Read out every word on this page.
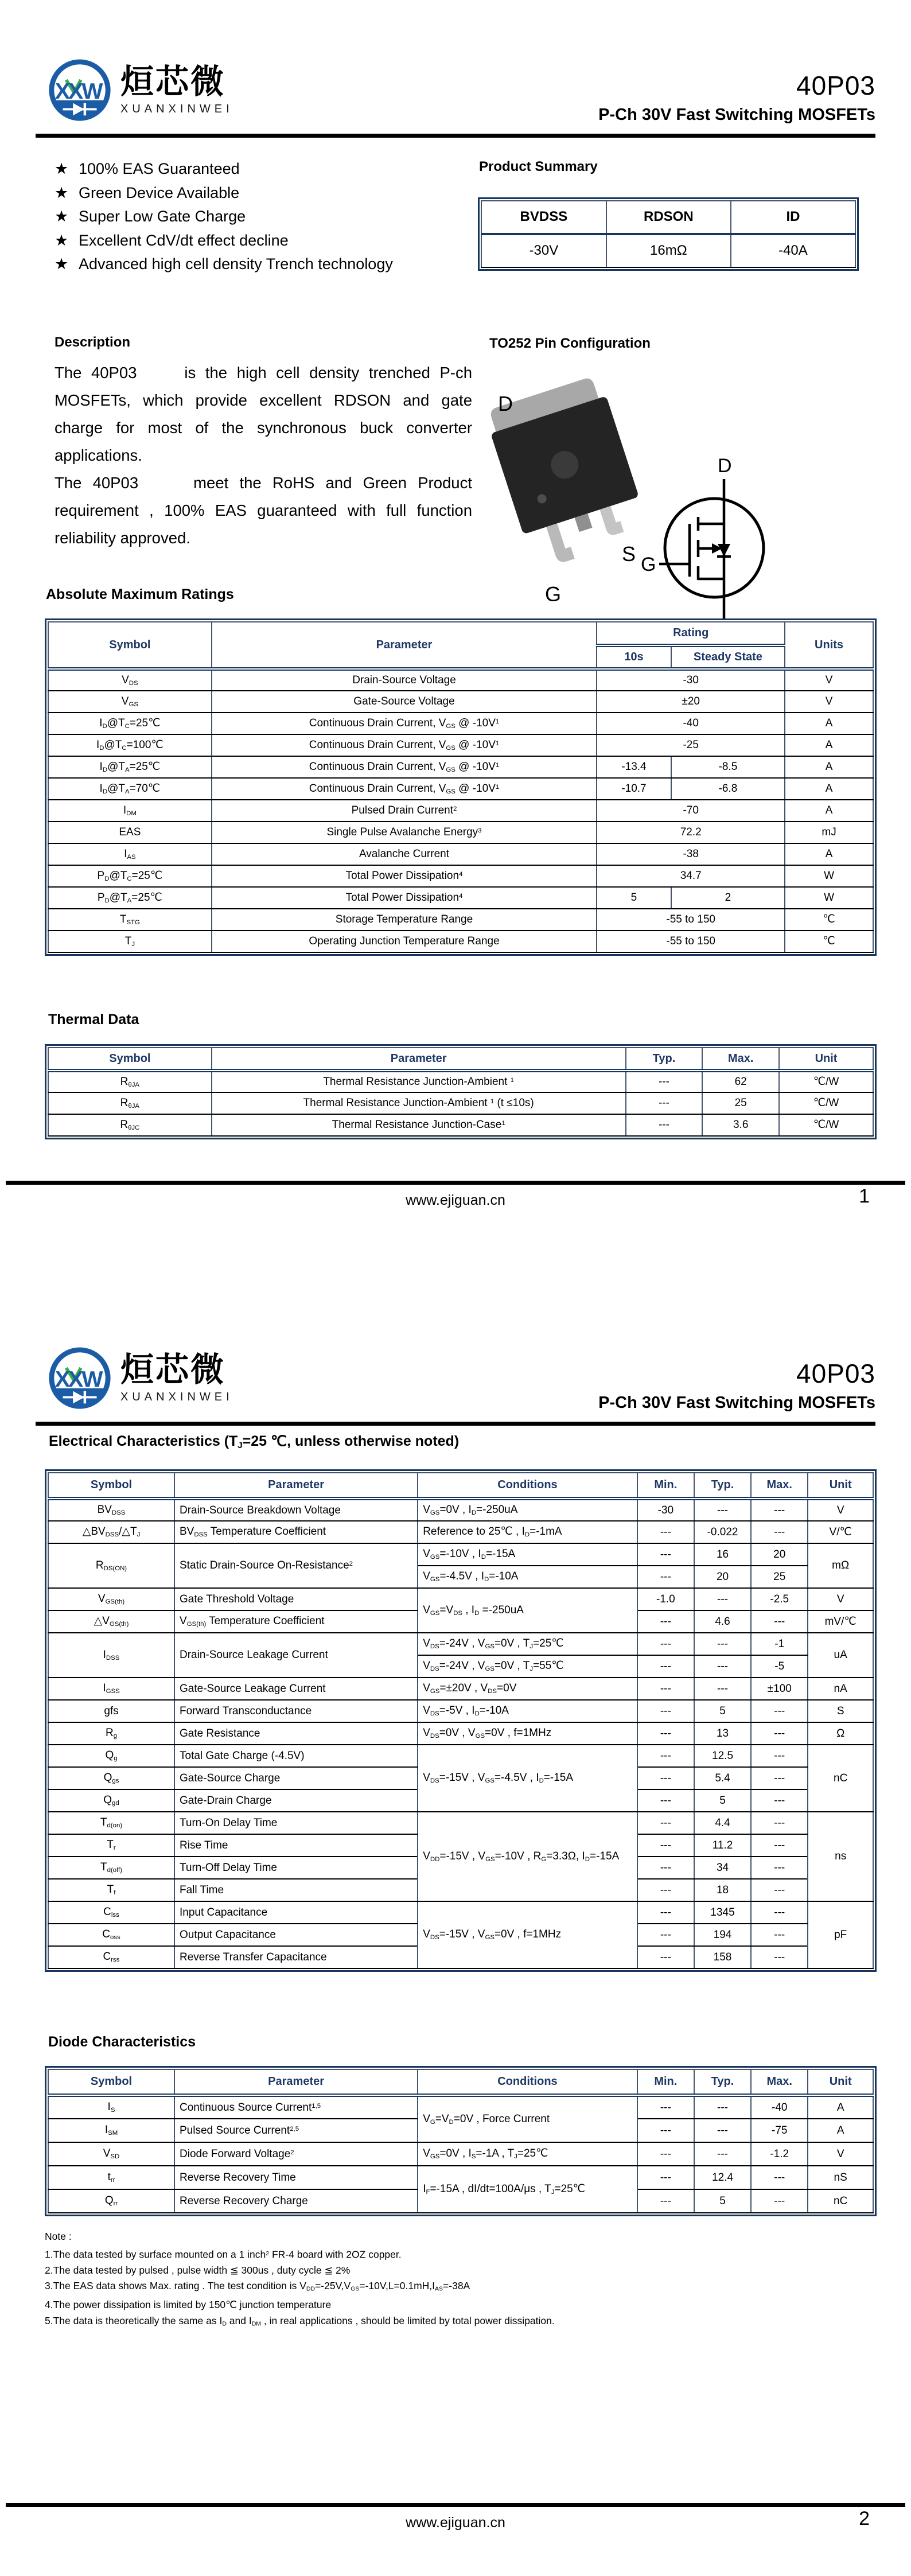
XXW 烜芯微
XUANXINWEI
40P03
P-Ch 30V Fast Switching MOSFETs
★ 100% EAS Guaranteed
★ Green Device Available
★ Super Low Gate Charge
★ Excellent CdV/dt effect decline
★ Advanced high cell density Trench technology
Product Summary
BVDSS	RDSON	ID
-30V	16mΩ	-40A
Description
The 40P03     is the high cell density trenched P-ch MOSFETs, which provide excellent RDSON and gate charge for most of the synchronous buck converter applications.
The 40P03     meet the RoHS and Green Product requirement , 100% EAS guaranteed with full function reliability approved.
TO252 Pin Configuration
D
G
S
D
G
Absolute Maximum Ratings
Symbol	Parameter	Rating		Units
		10s	Steady State	
$V_{DS}$	Drain-Source Voltage	-30		V
$V_{GS}$	Gate-Source Voltage	±20		V
$I_D@T_C=25℃$	Continuous Drain Current, $V_{GS}$ @ $-10V^1$	-40		A
$I_D@T_C=100℃$	Continuous Drain Current, $V_{GS}$ @ $-10V^1$	-25		A
$I_D@T_A=25℃$	Continuous Drain Current, $V_{GS}$ @ $-10V^1$	-13.4	-8.5	A
$I_D@T_A=70℃$	Continuous Drain Current, $V_{GS}$ @ $-10V^1$	-10.7	-6.8	A
$I_{DM}$	Pulsed Drain Current$^2$	-70		A
EAS	Single Pulse Avalanche Energy$^3$	72.2		mJ
$I_{AS}$	Avalanche Current	-38		A
$P_D@T_C=25℃$	Total Power Dissipation$^4$	34.7		W
$P_D@T_A=25℃$	Total Power Dissipation$^4$	5	2	W
$T_{STG}$	Storage Temperature Range	-55 to 150		℃
$T_J$	Operating Junction Temperature Range	-55 to 150		℃
Thermal Data
Symbol	Parameter	Typ.	Max.	Unit
$R_{\theta JA}$	Thermal Resistance Junction-Ambient $^1$	---	62	℃/W
$R_{\theta JA}$	Thermal Resistance Junction-Ambient $^1$ (t ≤10s)	---	25	℃/W
$R_{\theta JC}$	Thermal Resistance Junction-Case$^1$	---	3.6	℃/W
www.ejiguan.cn	1
XXW 烜芯微
XUANXINWEI
40P03
P-Ch 30V Fast Switching MOSFETs
Electrical Characteristics ($T_J=25$ ℃, unless otherwise noted)
Symbol	Parameter	Conditions	Min.	Typ.	Max.	Unit
$BV_{DSS}$	Drain-Source Breakdown Voltage	$V_{GS}=0V$ , $I_D=-250uA$	-30	---	---	V
$\triangle BV_{DSS}/\triangle T_J$	$BV_{DSS}$ Temperature Coefficient	Reference to 25℃ , $I_D=-1mA$	---	-0.022	---	V/℃
$R_{DS(ON)}$	Static Drain-Source On-Resistance$^2$	$V_{GS}=-10V$ , $I_D=-15A$	---	16	20	mΩ
		$V_{GS}=-4.5V$ , $I_D=-10A$	---	20	25	
$V_{GS(th)}$	Gate Threshold Voltage	$V_{GS}=V_{DS}$ , $I_D =-250uA$	-1.0	---	-2.5	V
$\triangle V_{GS(th)}$	$V_{GS(th)}$ Temperature Coefficient		---	4.6	---	mV/℃
$I_{DSS}$	Drain-Source Leakage Current	$V_{DS}=-24V$ , $V_{GS}=0V$ , $T_J=25℃$	---	---	-1	uA
		$V_{DS}=-24V$ , $V_{GS}=0V$ , $T_J=55℃$	---	---	-5	
$I_{GSS}$	Gate-Source Leakage Current	$V_{GS}=\pm 20V$ , $V_{DS}=0V$	---	---	±100	nA
gfs	Forward Transconductance	$V_{DS}=-5V$ , $I_D=-10A$	---	5	---	S
$R_g$	Gate Resistance	$V_{DS}=0V$ , $V_{GS}=0V$ , f=1MHz	---	13	---	Ω
$Q_g$	Total Gate Charge (-4.5V)	$V_{DS}=-15V$ , $V_{GS}=-4.5V$ , $I_D=-15A$	---	12.5	---	nC
$Q_{gs}$	Gate-Source Charge		---	5.4	---	
$Q_{gd}$	Gate-Drain Charge		---	5	---	
$T_{d(on)}$	Turn-On Delay Time	$V_{DD}=-15V$ , $V_{GS}=-10V$ , $R_G=3.3\Omega$, $I_D=-15A$	---	4.4	---	ns
$T_r$	Rise Time		---	11.2	---	
$T_{d(off)}$	Turn-Off Delay Time		---	34	---	
$T_f$	Fall Time		---	18	---	
$C_{iss}$	Input Capacitance	$V_{DS}=-15V$ , $V_{GS}=0V$ , f=1MHz	---	1345	---	pF
$C_{oss}$	Output Capacitance		---	194	---	
$C_{rss}$	Reverse Transfer Capacitance		---	158	---	
Diode Characteristics
Symbol	Parameter	Conditions	Min.	Typ.	Max.	Unit
$I_S$	Continuous Source Current$^{1,5}$	$V_G=V_D=0V$ , Force Current	---	---	-40	A
$I_{SM}$	Pulsed Source Current$^{2,5}$		---	---	-75	A
$V_{SD}$	Diode Forward Voltage$^2$	$V_{GS}=0V$ , $I_S=-1A$ , $T_J=25℃$	---	---	-1.2	V
$t_{rr}$	Reverse Recovery Time	$I_F=-15A$ , dI/dt=100A/μs , $T_J=25℃$	---	12.4	---	nS
$Q_{rr}$	Reverse Recovery Charge		---	5	---	nC
Note :
1.The data tested by surface mounted on a 1 inch$^2$ FR-4 board with 2OZ copper.
2.The data tested by pulsed , pulse width ≦ 300us , duty cycle ≦ 2%
3.The EAS data shows Max. rating . The test condition is $V_{DD}=-25V,V_{GS}=-10V,L=0.1mH,I_{AS}=-38A$
4.The power dissipation is limited by 150℃ junction temperature
5.The data is theoretically the same as $I_D$ and $I_{DM}$ , in real applications , should be limited by total power dissipation.
www.ejiguan.cn	2
